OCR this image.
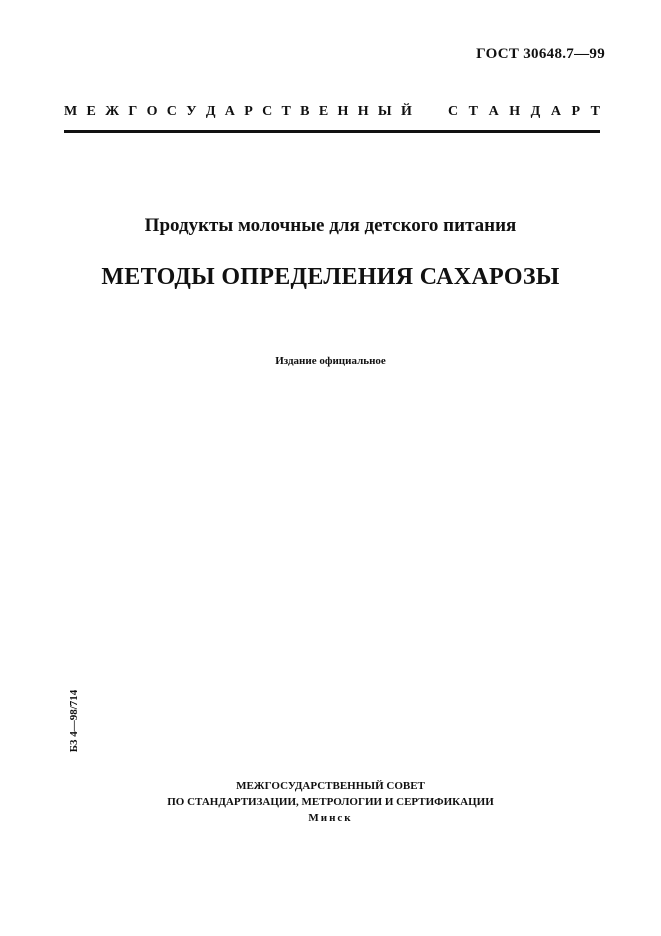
ГОСТ 30648.7—99
М Е Ж Г О С У Д А Р С Т В Е Н Н Ы Й	С Т А Н Д А Р Т
Продукты молочные для детского питания
МЕТОДЫ ОПРЕДЕЛЕНИЯ САХАРОЗЫ
Издание официальное
Б3 4—98/714
МЕЖГОСУДАРСТВЕННЫЙ СОВЕТ
ПО СТАНДАРТИЗАЦИИ, МЕТРОЛОГИИ И СЕРТИФИКАЦИИ
Минск
